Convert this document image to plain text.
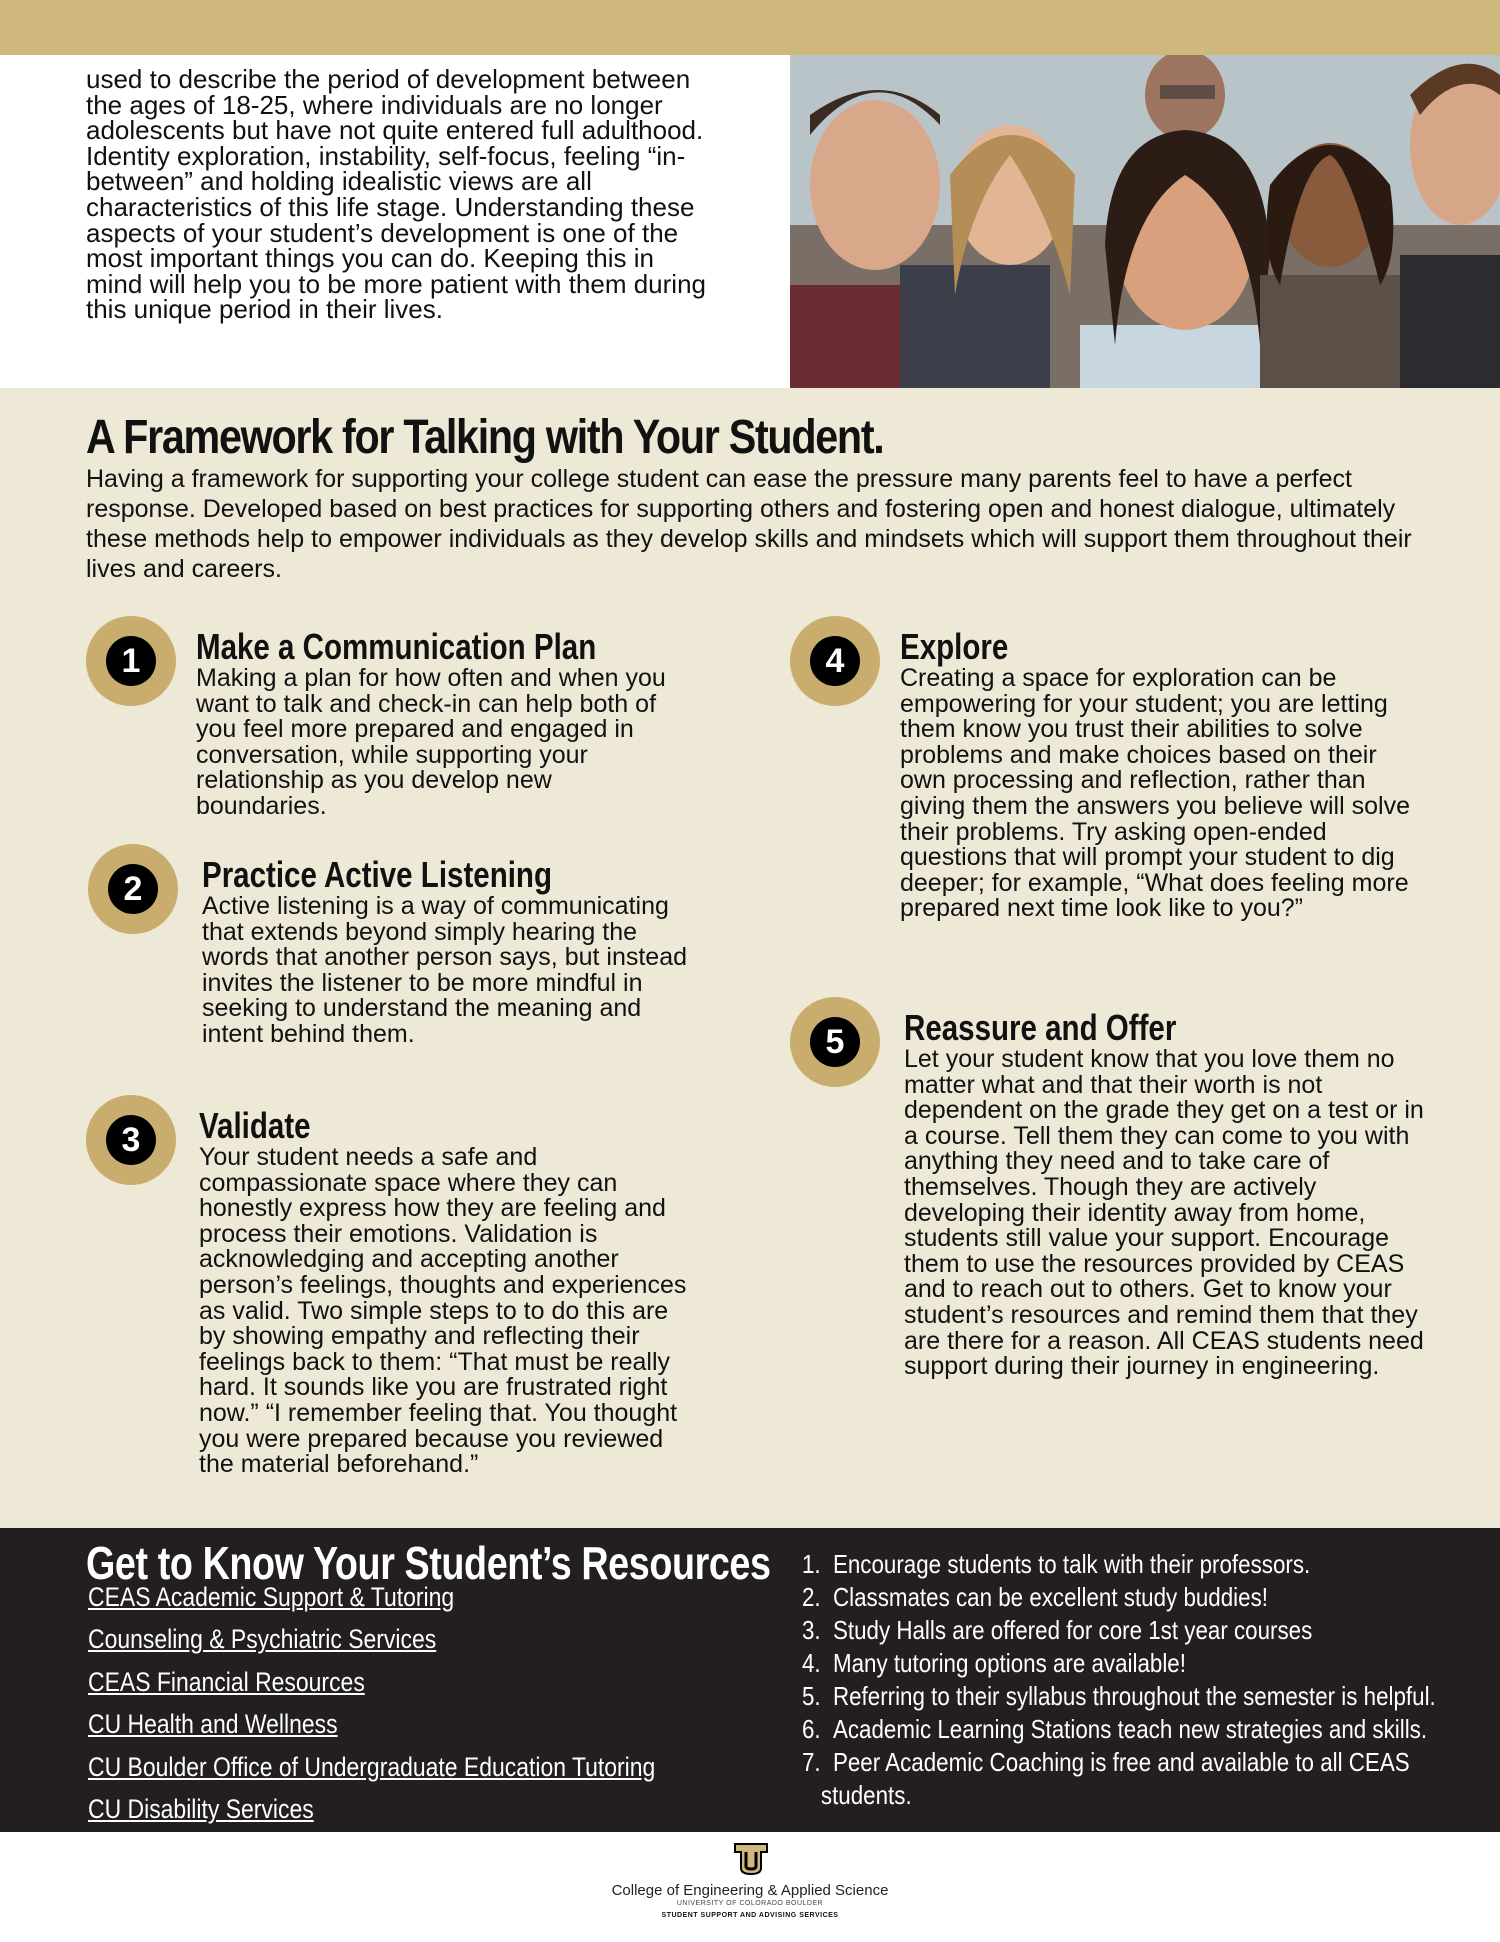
used to describe the period of development between the ages of 18-25, where individuals are no longer adolescents but have not quite entered full adulthood. Identity exploration, instability, self-focus, feeling “in-between” and holding idealistic views are all characteristics of this life stage. Understanding these aspects of your student’s development is one of the most important things you can do. Keeping this in mind will help you to be more patient with them during this unique period in their lives.

A Framework for Talking with Your Student.

Having a framework for supporting your college student can ease the pressure many parents feel to have a perfect response. Developed based on best practices for supporting others and fostering open and honest dialogue, ultimately these methods help to empower individuals as they develop skills and mindsets which will support them throughout their lives and careers.

1	Make a Communication Plan

Making a plan for how often and when you want to talk and check-in can help both of you feel more prepared and engaged in conversation, while supporting your relationship as you develop new boundaries.

2	Practice Active Listening

Active listening is a way of communicating that extends beyond simply hearing the words that another person says, but instead invites the listener to be more mindful in seeking to understand the meaning and intent behind them.

3	Validate

Your student needs a safe and compassionate space where they can honestly express how they are feeling and process their emotions. Validation is acknowledging and accepting another person’s feelings, thoughts and experiences as valid. Two simple steps to to do this are by showing empathy and reflecting their feelings back to them: “That must be really hard. It sounds like you are frustrated right now.” “I remember feeling that. You thought you were prepared because you reviewed the material beforehand.”

4	Explore

Creating a space for exploration can be empowering for your student; you are letting them know you trust their abilities to solve problems and make choices based on their own processing and reflection, rather than giving them the answers you believe will solve their problems. Try asking open-ended questions that will prompt your student to dig deeper; for example, “What does feeling more prepared next time look like to you?”

5	Reassure and Offer

Let your student know that you love them no matter what and that their worth is not dependent on the grade they get on a test or in a course. Tell them they can come to you with anything they need and to take care of themselves. Though they are actively developing their identity away from home, students still value your support. Encourage them to use the resources provided by CEAS and to reach out to others. Get to know your student’s resources and remind them that they are there for a reason. All CEAS students need support during their journey in engineering.

Get to Know Your Student’s Resources
CEAS Academic Support & Tutoring
Counseling & Psychiatric Services
CEAS Financial Resources
CU Health and Wellness
CU Boulder Office of Undergraduate Education Tutoring
CU Disability Services
1. Encourage students to talk with their professors.
2. Classmates can be excellent study buddies!
3. Study Halls are offered for core 1st year courses
4. Many tutoring options are available!
5. Referring to their syllabus throughout the semester is helpful.
6. Academic Learning Stations teach new strategies and skills.
7. Peer Academic Coaching is free and available to all CEAS
students.
College of Engineering & Applied Science
UNIVERSITY OF COLORADO BOULDER
STUDENT SUPPORT AND ADVISING SERVICES
